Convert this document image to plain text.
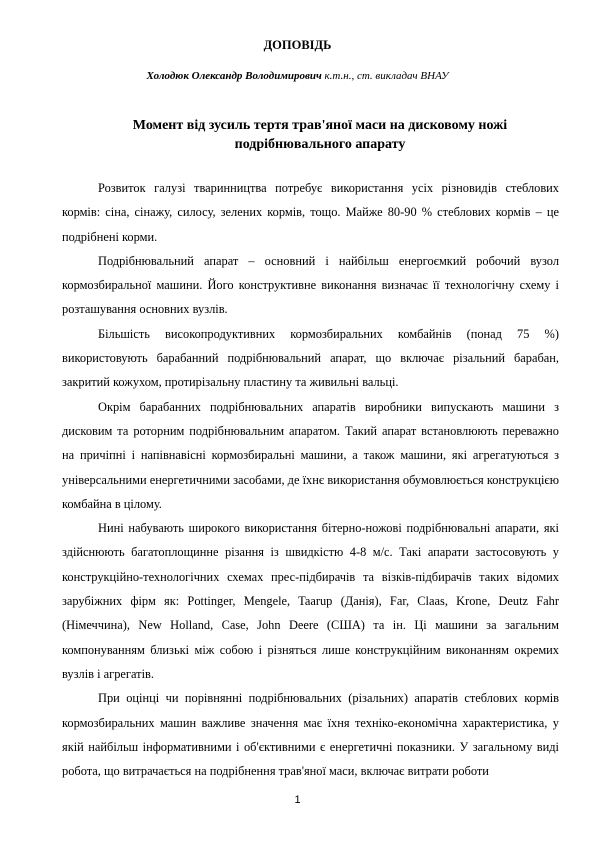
ДОПОВІДЬ
Холодюк Олександр Володимирович к.т.н., ст. викладач ВНАУ
Момент від зусиль тертя трав'яної маси на дисковому ножі
подрібнювального апарату

Розвиток галузі тваринництва потребує використання усіх різновидів стеблових кормів: сіна, сінажу, силосу, зелених кормів, тощо. Майже 80-90 % стеблових кормів – це подрібнені корми.

Подрібнювальний апарат – основний і найбільш енергоємкий робочий вузол кормозбиральної машини. Його конструктивне виконання визначає її технологічну схему і розташування основних вузлів.

Більшість високопродуктивних кормозбиральних комбайнів (понад 75 %) використовують барабанний подрібнювальний апарат, що включає різальний барабан, закритий кожухом, протирізальну пластину та живильні вальці.

Окрім барабанних подрібнювальних апаратів виробники випускають машини з дисковим та роторним подрібнювальним апаратом. Такий апарат встановлюють переважно на причіпні і напівнавісні кормозбиральні машини, а також машини, які агрегатуються з універсальними енергетичними засобами, де їхнє використання обумовлюється конструкцією комбайна в цілому.

Нині набувають широкого використання бітерно-ножові подрібнювальні апарати, які здійснюють багатоплощинне різання із швидкістю 4-8 м/с. Такі апарати застосовують у конструкційно-технологічних схемах прес-підбирачів та візків-підбирачів таких відомих зарубіжних фірм як: Pottinger, Mengele, Taarup (Данія), Far, Claas, Krone, Deutz Fahr (Німеччина), New Holland, Case, John Deere (США) та ін. Ці машини за загальним компонуванням близькі між собою і різняться лише конструкційним виконанням окремих вузлів і агрегатів.

При оцінці чи порівнянні подрібнювальних (різальних) апаратів стеблових кормів кормозбиральних машин важливе значення має їхня техніко-економічна характеристика, у якій найбільш інформативними і об'єктивними є енергетичні показники. У загальному виді робота, що витрачається на подрібнення трав'яної маси, включає витрати роботи

1
